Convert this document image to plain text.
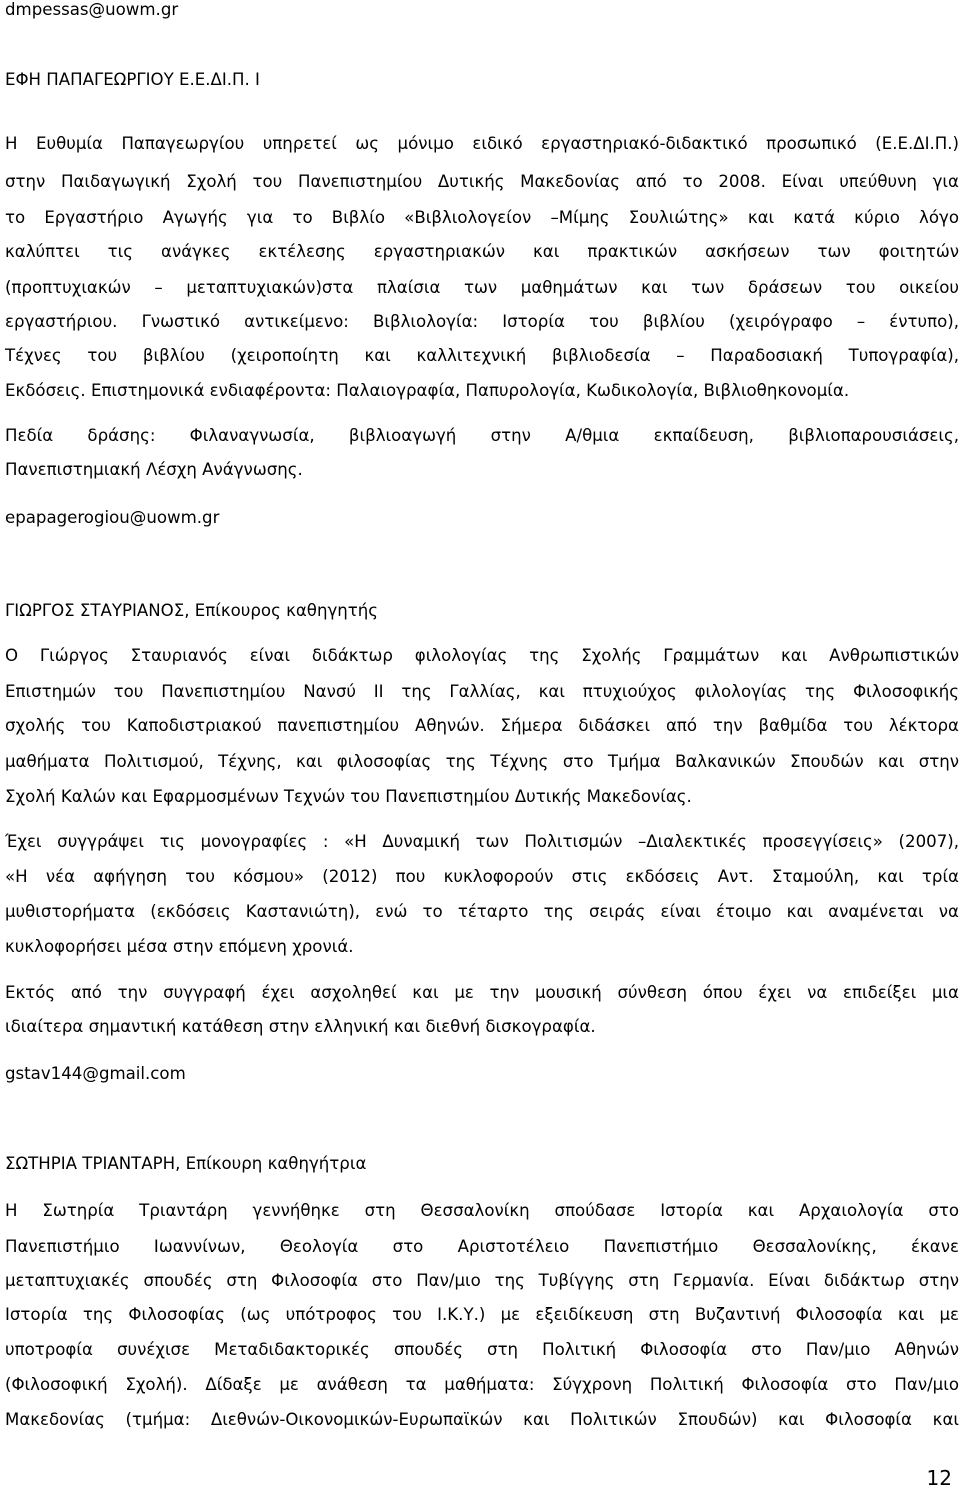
dmpessas@uowm.gr
ΕΦΗ ΠΑΠΑΓΕΩΡΓΙΟΥ Ε.Ε.ΔΙ.Π. Ι
Η Ευθυμία Παπαγεωργίου υπηρετεί ως μόνιμο ειδικό εργαστηριακό-διδακτικό προσωπικό (Ε.Ε.ΔΙ.Π.)
στην Παιδαγωγική Σχολή του Πανεπιστημίου Δυτικής Μακεδονίας από το 2008. Είναι υπεύθυνη για
το Εργαστήριο Αγωγής για το Βιβλίο «Βιβλιολογείον –Μίμης Σουλιώτης» και κατά κύριο λόγο
καλύπτει τις ανάγκες εκτέλεσης εργαστηριακών και πρακτικών ασκήσεων των φοιτητών
(προπτυχιακών – μεταπτυχιακών)στα πλαίσια των μαθημάτων και των δράσεων του οικείου
εργαστήριου. Γνωστικό αντικείμενο: Βιβλιολογία: Ιστορία του βιβλίου (χειρόγραφο – έντυπο),
Τέχνες του βιβλίου (χειροποίητη και καλλιτεχνική βιβλιοδεσία – Παραδοσιακή Τυπογραφία),
Εκδόσεις. Επιστημονικά ενδιαφέροντα: Παλαιογραφία, Παπυρολογία, Κωδικολογία, Βιβλιοθηκονομία.
Πεδία δράσης: Φιλαναγνωσία, βιβλιοαγωγή στην Α/θμια εκπαίδευση, βιβλιοπαρουσιάσεις,
Πανεπιστημιακή Λέσχη Ανάγνωσης.
epapagerogiou@uowm.gr
ΓΙΩΡΓΟΣ ΣΤΑΥΡΙΑΝΟΣ, Επίκουρος καθηγητής
Ο Γιώργος Σταυριανός είναι διδάκτωρ φιλολογίας της Σχολής Γραμμάτων και Ανθρωπιστικών
Επιστημών του Πανεπιστημίου Νανσύ ΙΙ της Γαλλίας, και πτυχιούχος φιλολογίας της Φιλοσοφικής
σχολής του Καποδιστριακού πανεπιστημίου Αθηνών. Σήμερα διδάσκει από την βαθμίδα του λέκτορα
μαθήματα Πολιτισμού, Τέχνης, και φιλοσοφίας της Τέχνης στο Τμήμα Βαλκανικών Σπουδών και στην
Σχολή Καλών και Εφαρμοσμένων Τεχνών του Πανεπιστημίου Δυτικής Μακεδονίας.
Έχει συγγράψει τις μονογραφίες : «Η Δυναμική των Πολιτισμών –Διαλεκτικές προσεγγίσεις» (2007),
«Η νέα αφήγηση του κόσμου» (2012) που κυκλοφορούν στις εκδόσεις Αντ. Σταμούλη, και τρία
μυθιστορήματα (εκδόσεις Καστανιώτη), ενώ το τέταρτο της σειράς είναι έτοιμο και αναμένεται να
κυκλοφορήσει μέσα στην επόμενη χρονιά.
Εκτός από την συγγραφή έχει ασχοληθεί και με την μουσική σύνθεση όπου έχει να επιδείξει μια
ιδιαίτερα σημαντική κατάθεση στην ελληνική και διεθνή δισκογραφία.
gstav144@gmail.com
ΣΩΤΗΡΙΑ ΤΡΙΑΝΤΑΡΗ, Επίκουρη καθηγήτρια
Η Σωτηρία Τριαντάρη γεννήθηκε στη Θεσσαλονίκη σπούδασε Ιστορία και Αρχαιολογία στο
Πανεπιστήμιο Ιωαννίνων, Θεολογία στο Αριστοτέλειο Πανεπιστήμιο Θεσσαλονίκης, έκανε
μεταπτυχιακές σπουδές στη Φιλοσοφία στο Παν/μιο της Τυβίγγης στη Γερμανία. Είναι διδάκτωρ στην
Ιστορία της Φιλοσοφίας (ως υπότροφος του Ι.Κ.Υ.) με εξειδίκευση στη Βυζαντινή Φιλοσοφία και με
υποτροφία συνέχισε Μεταδιδακτορικές σπουδές στη Πολιτική Φιλοσοφία στο Παν/μιο Αθηνών
(Φιλοσοφική Σχολή). Δίδαξε με ανάθεση τα μαθήματα: Σύγχρονη Πολιτική Φιλοσοφία στο Παν/μιο
Μακεδονίας (τμήμα: Διεθνών-Οικονομικών-Ευρωπαϊκών και Πολιτικών Σπουδών) και Φιλοσοφία και
12
